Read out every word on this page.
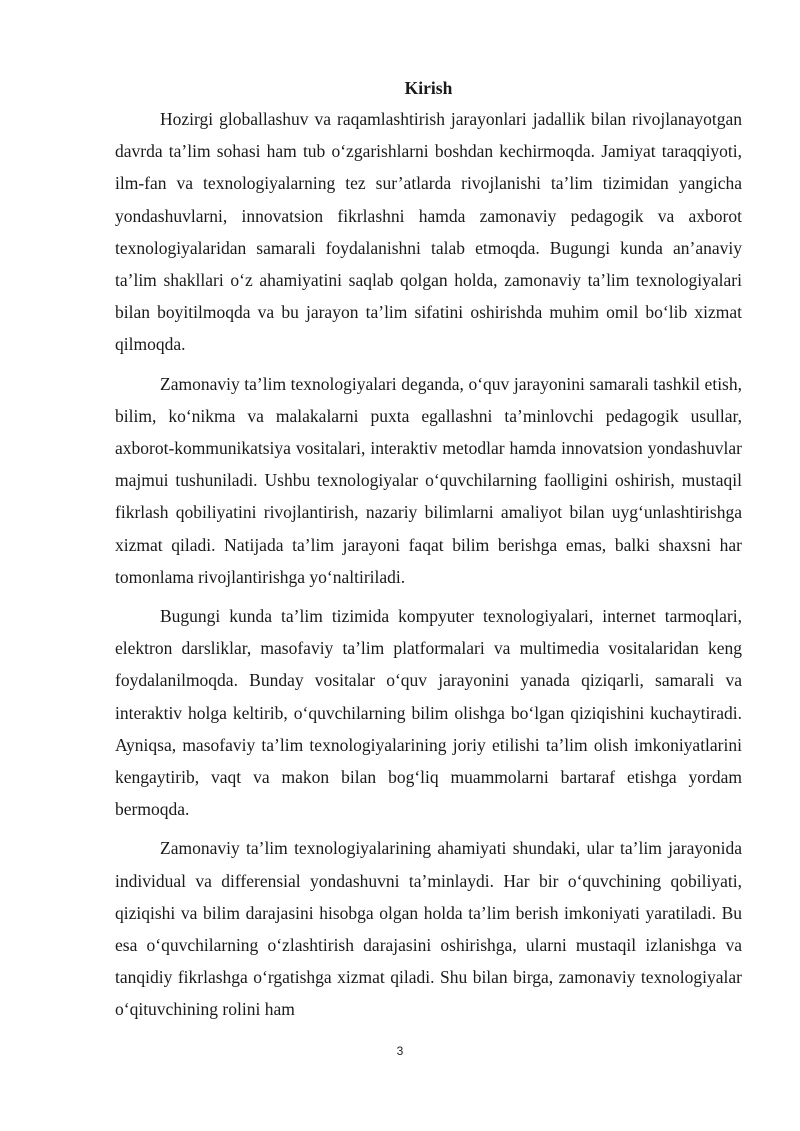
Kirish

Hozirgi globallashuv va raqamlashtirish jarayonlari jadallik bilan rivojlanayotgan davrda ta’lim sohasi ham tub o‘zgarishlarni boshdan kechirmoqda. Jamiyat taraqqiyoti, ilm-fan va texnologiyalarning tez sur’atlarda rivojlanishi ta’lim tizimidan yangicha yondashuvlarni, innovatsion fikrlashni hamda zamonaviy pedagogik va axborot texnologiyalaridan samarali foydalanishni talab etmoqda. Bugungi kunda an’anaviy ta’lim shakllari o‘z ahamiyatini saqlab qolgan holda, zamonaviy ta’lim texnologiyalari bilan boyitilmoqda va bu jarayon ta’lim sifatini oshirishda muhim omil bo‘lib xizmat qilmoqda.

Zamonaviy ta’lim texnologiyalari deganda, o‘quv jarayonini samarali tashkil etish, bilim, ko‘nikma va malakalarni puxta egallashni ta’minlovchi pedagogik usullar, axborot-kommunikatsiya vositalari, interaktiv metodlar hamda innovatsion yondashuvlar majmui tushuniladi. Ushbu texnologiyalar o‘quvchilarning faolligini oshirish, mustaqil fikrlash qobiliyatini rivojlantirish, nazariy bilimlarni amaliyot bilan uyg‘unlashtirishga xizmat qiladi. Natijada ta’lim jarayoni faqat bilim berishga emas, balki shaxsni har tomonlama rivojlantirishga yo‘naltiriladi.

Bugungi kunda ta’lim tizimida kompyuter texnologiyalari, internet tarmoqlari, elektron darsliklar, masofaviy ta’lim platformalari va multimedia vositalaridan keng foydalanilmoqda. Bunday vositalar o‘quv jarayonini yanada qiziqarli, samarali va interaktiv holga keltirib, o‘quvchilarning bilim olishga bo‘lgan qiziqishini kuchaytiradi. Ayniqsa, masofaviy ta’lim texnologiyalarining joriy etilishi ta’lim olish imkoniyatlarini kengaytirib, vaqt va makon bilan bog‘liq muammolarni bartaraf etishga yordam bermoqda.

Zamonaviy ta’lim texnologiyalarining ahamiyati shundaki, ular ta’lim jarayonida individual va differensial yondashuvni ta’minlaydi. Har bir o‘quvchining qobiliyati, qiziqishi va bilim darajasini hisobga olgan holda ta’lim berish imkoniyati yaratiladi. Bu esa o‘quvchilarning o‘zlashtirish darajasini oshirishga, ularni mustaqil izlanishga va tanqidiy fikrlashga o‘rgatishga xizmat qiladi. Shu bilan birga, zamonaviy texnologiyalar o‘qituvchining rolini ham

3
